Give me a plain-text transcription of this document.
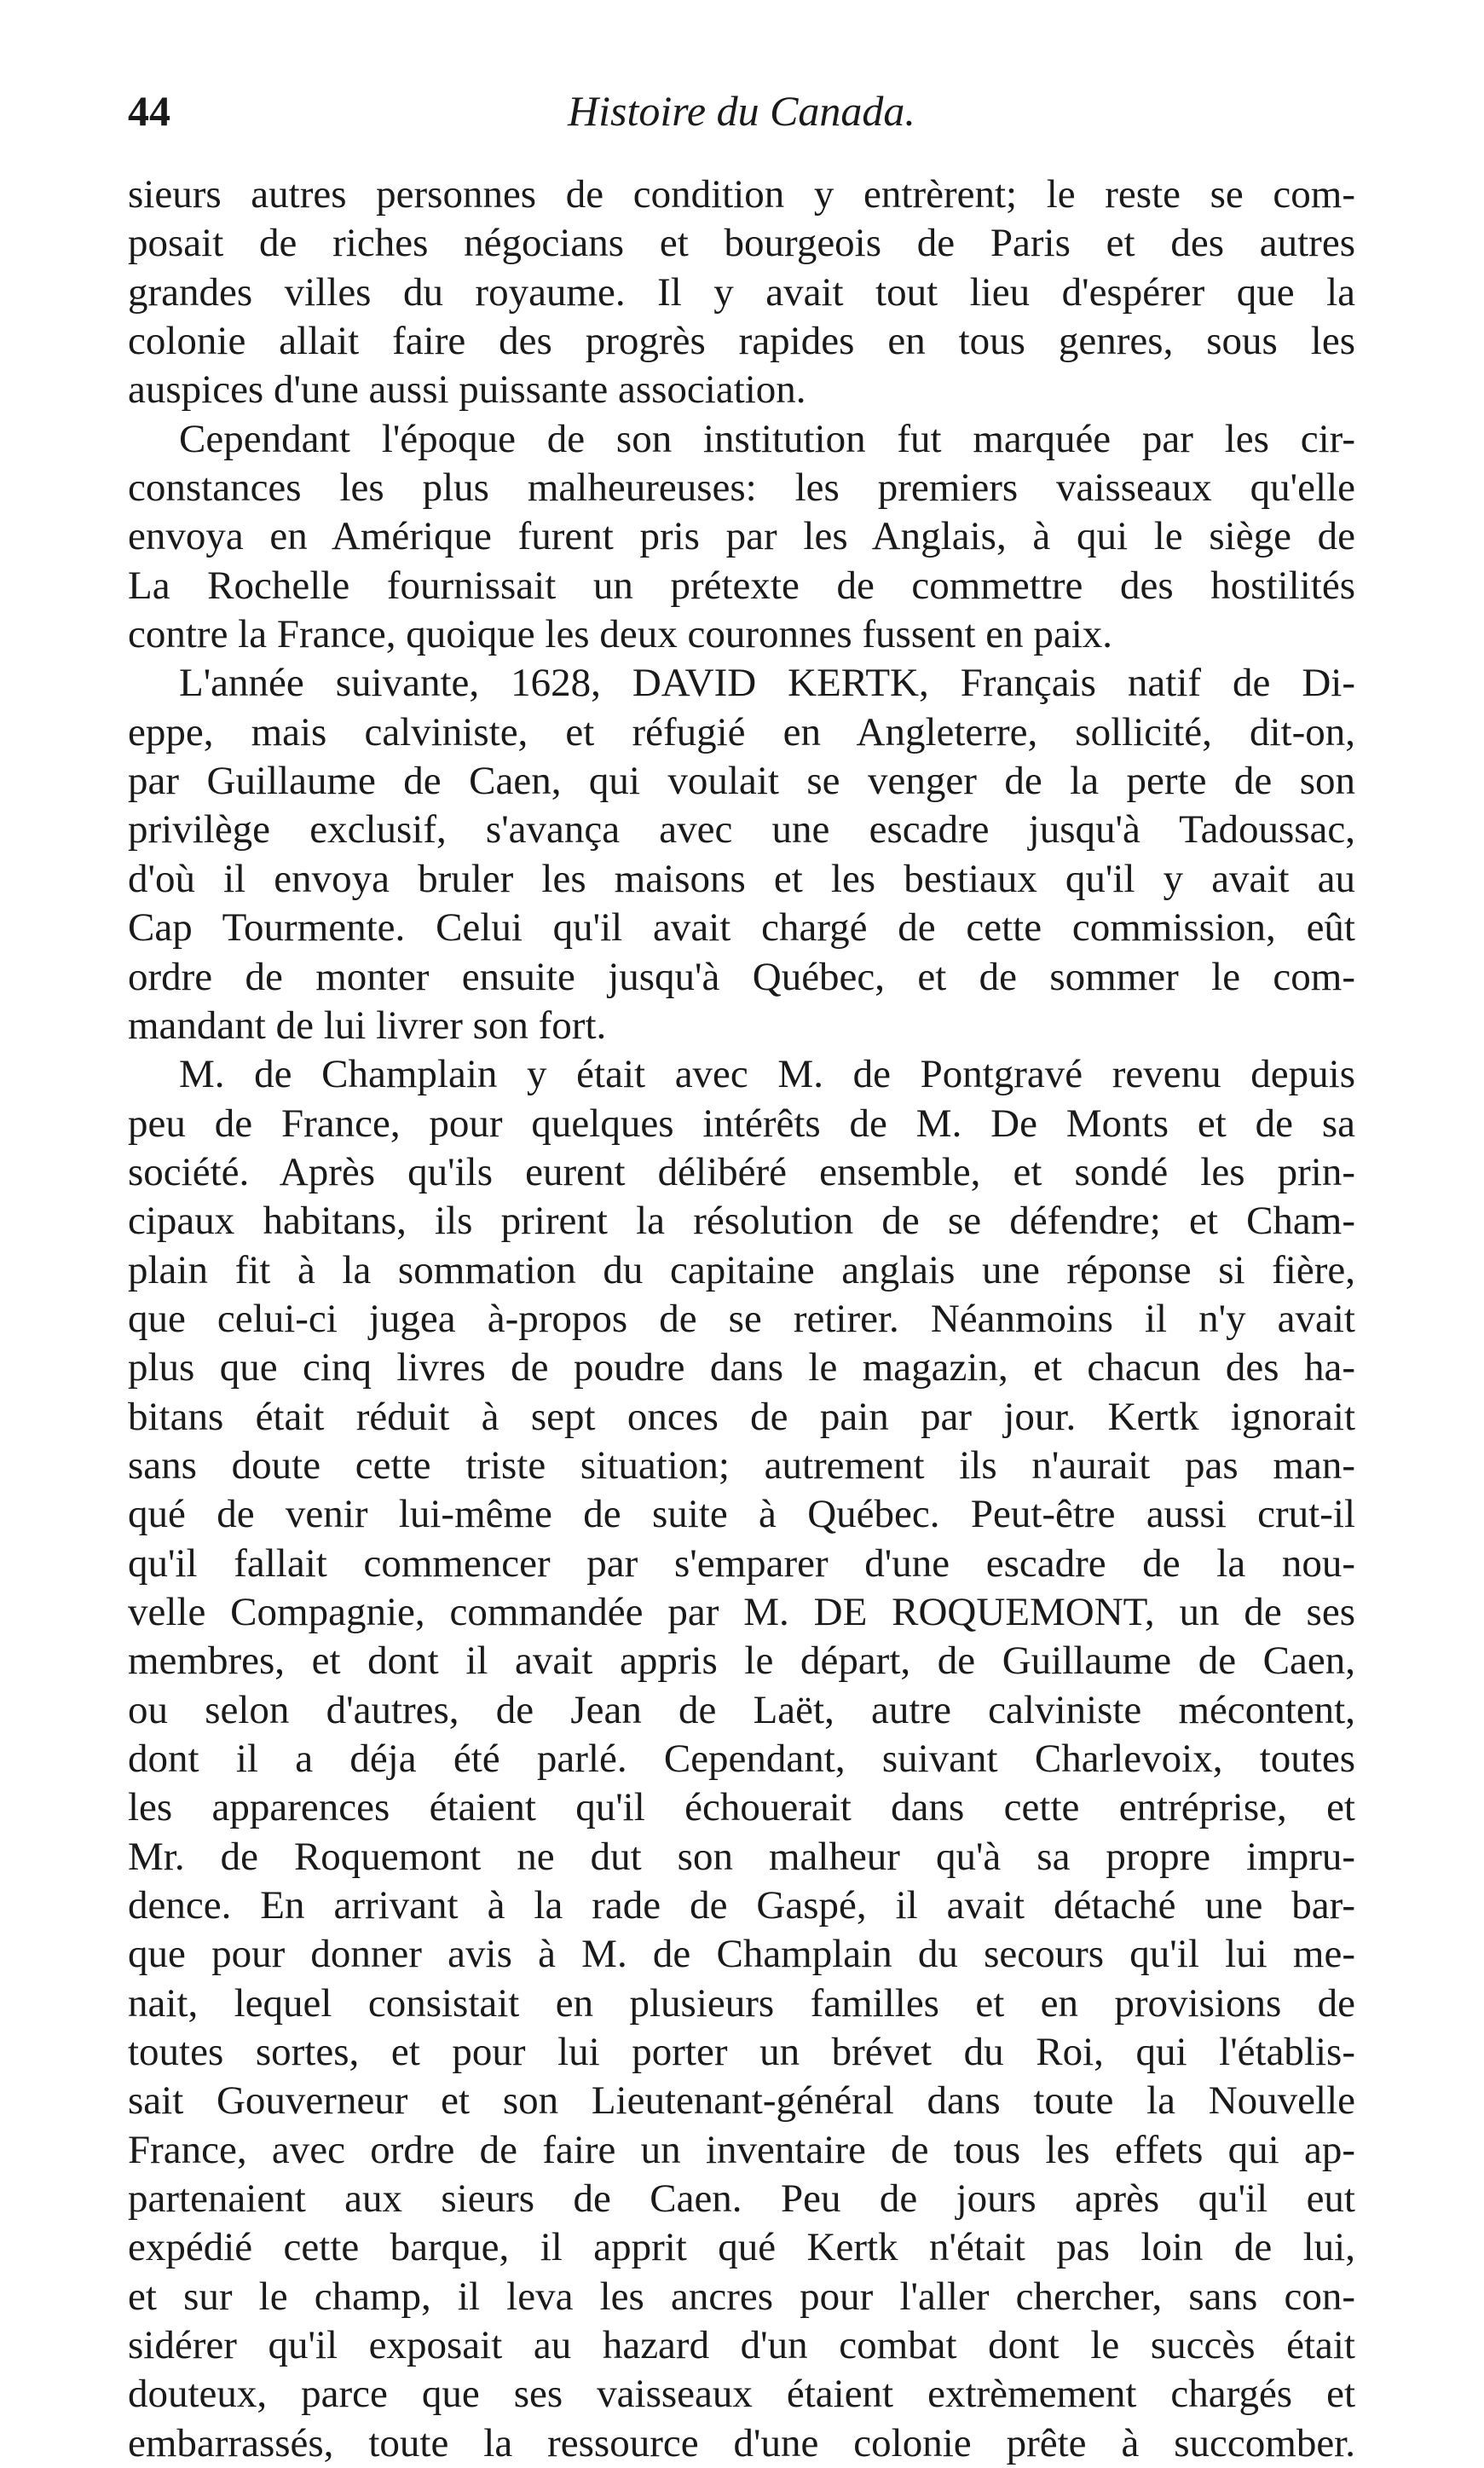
44	Histoire du Canada.
sieurs autres personnes de condition y entrèrent; le reste se com-
posait de riches négocians et bourgeois de Paris et des autres
grandes villes du royaume. Il y avait tout lieu d'espérer que la
colonie allait faire des progrès rapides en tous genres, sous les
auspices d'une aussi puissante association.
Cependant l'époque de son institution fut marquée par les cir-
constances les plus malheureuses: les premiers vaisseaux qu'elle
envoya en Amérique furent pris par les Anglais, à qui le siège de
La Rochelle fournissait un prétexte de commettre des hostilités
contre la France, quoique les deux couronnes fussent en paix.
L'année suivante, 1628, DAVID KERTK, Français natif de Di-
eppe, mais calviniste, et réfugié en Angleterre, sollicité, dit-on,
par Guillaume de Caen, qui voulait se venger de la perte de son
privilège exclusif, s'avança avec une escadre jusqu'à Tadoussac,
d'où il envoya bruler les maisons et les bestiaux qu'il y avait au
Cap Tourmente. Celui qu'il avait chargé de cette commission, eût
ordre de monter ensuite jusqu'à Québec, et de sommer le com-
mandant de lui livrer son fort.
M. de Champlain y était avec M. de Pontgravé revenu depuis
peu de France, pour quelques intérêts de M. De Monts et de sa
société. Après qu'ils eurent délibéré ensemble, et sondé les prin-
cipaux habitans, ils prirent la résolution de se défendre; et Cham-
plain fit à la sommation du capitaine anglais une réponse si fière,
que celui-ci jugea à-propos de se retirer. Néanmoins il n'y avait
plus que cinq livres de poudre dans le magazin, et chacun des ha-
bitans était réduit à sept onces de pain par jour. Kertk ignorait
sans doute cette triste situation; autrement ils n'aurait pas man-
qué de venir lui-même de suite à Québec. Peut-être aussi crut-il
qu'il fallait commencer par s'emparer d'une escadre de la nou-
velle Compagnie, commandée par M. DE ROQUEMONT, un de ses
membres, et dont il avait appris le départ, de Guillaume de Caen,
ou selon d'autres, de Jean de Laët, autre calviniste mécontent,
dont il a déja été parlé. Cependant, suivant Charlevoix, toutes
les apparences étaient qu'il échouerait dans cette entréprise, et
Mr. de Roquemont ne dut son malheur qu'à sa propre impru-
dence. En arrivant à la rade de Gaspé, il avait détaché une bar-
que pour donner avis à M. de Champlain du secours qu'il lui me-
nait, lequel consistait en plusieurs familles et en provisions de
toutes sortes, et pour lui porter un brévet du Roi, qui l'établis-
sait Gouverneur et son Lieutenant-général dans toute la Nouvelle
France, avec ordre de faire un inventaire de tous les effets qui ap-
partenaient aux sieurs de Caen. Peu de jours après qu'il eut
expédié cette barque, il apprit qué Kertk n'était pas loin de lui,
et sur le champ, il leva les ancres pour l'aller chercher, sans con-
sidérer qu'il exposait au hazard d'un combat dont le succès était
douteux, parce que ses vaisseaux étaient extrèmement chargés et
embarrassés, toute la ressource d'une colonie prête à succomber.
